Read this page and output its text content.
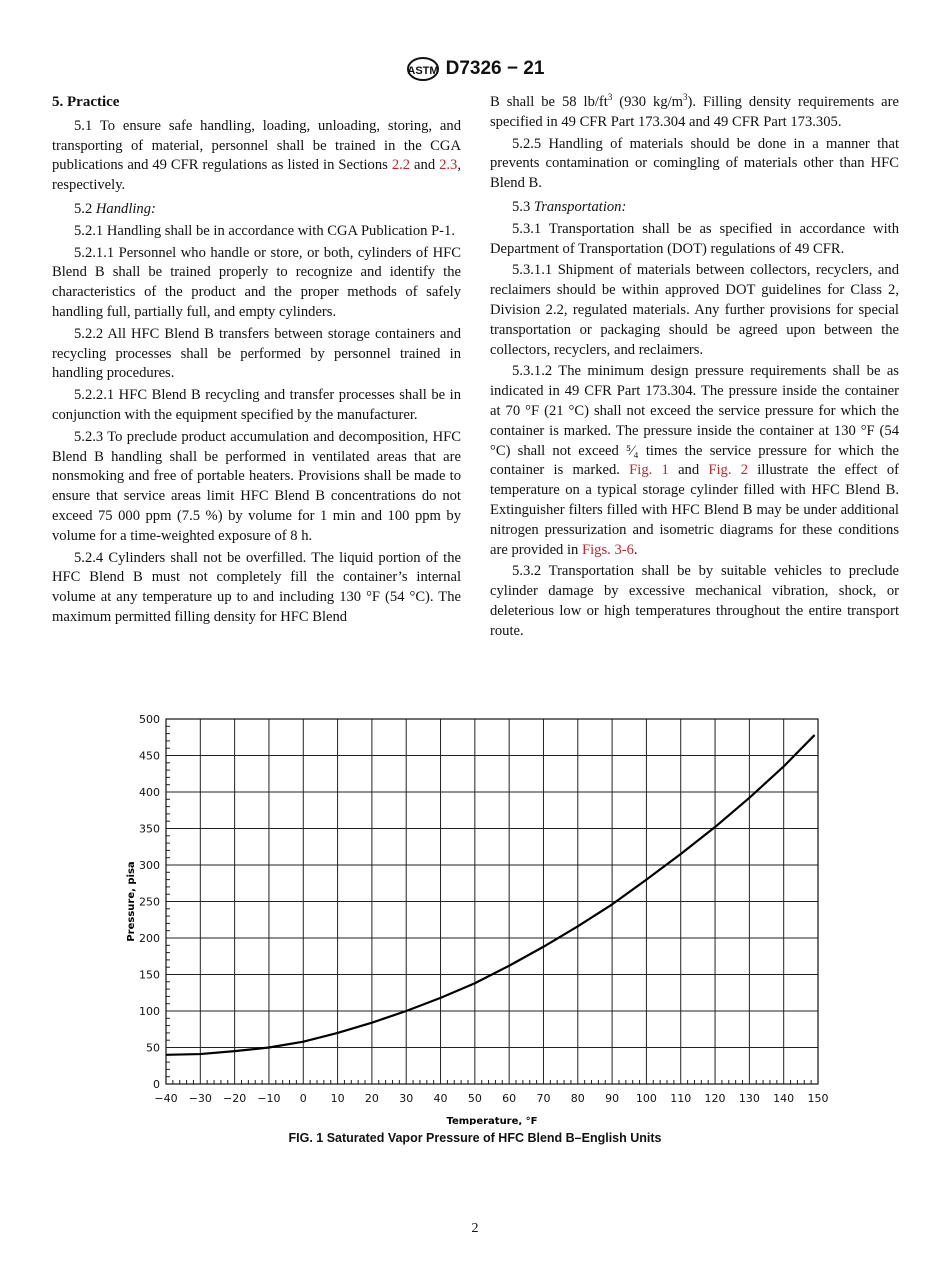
ASTM D7326 − 21

5. Practice

5.1 To ensure safe handling, loading, unloading, storing, and transporting of material, personnel shall be trained in the CGA publications and 49 CFR regulations as listed in Sections 2.2 and 2.3, respectively.

5.2 Handling:

5.2.1 Handling shall be in accordance with CGA Publication P-1.

5.2.1.1 Personnel who handle or store, or both, cylinders of HFC Blend B shall be trained properly to recognize and identify the characteristics of the product and the proper methods of safely handling full, partially full, and empty cylinders.

5.2.2 All HFC Blend B transfers between storage containers and recycling processes shall be performed by personnel trained in handling procedures.

5.2.2.1 HFC Blend B recycling and transfer processes shall be in conjunction with the equipment specified by the manufacturer.

5.2.3 To preclude product accumulation and decomposition, HFC Blend B handling shall be performed in ventilated areas that are nonsmoking and free of portable heaters. Provisions shall be made to ensure that service areas limit HFC Blend B concentrations do not exceed 75 000 ppm (7.5 %) by volume for 1 min and 100 ppm by volume for a time-weighted exposure of 8 h.

5.2.4 Cylinders shall not be overfilled. The liquid portion of the HFC Blend B must not completely fill the container’s internal volume at any temperature up to and including 130 °F (54 °C). The maximum permitted filling density for HFC Blend

B shall be 58 $lb/ft^3$ (930 $kg/m^3$). Filling density requirements are specified in 49 CFR Part 173.304 and 49 CFR Part 173.305.

5.2.5 Handling of materials should be done in a manner that prevents contamination or comingling of materials other than HFC Blend B.

5.3 Transportation:

5.3.1 Transportation shall be as specified in accordance with Department of Transportation (DOT) regulations of 49 CFR.

5.3.1.1 Shipment of materials between collectors, recyclers, and reclaimers should be within approved DOT guidelines for Class 2, Division 2.2, regulated materials. Any further provisions for special transportation or packaging should be agreed upon between the collectors, recyclers, and reclaimers.

5.3.1.2 The minimum design pressure requirements shall be as indicated in 49 CFR Part 173.304. The pressure inside the container at 70 °F (21 °C) shall not exceed the service pressure for which the container is marked. The pressure inside the container at 130 °F (54 °C) shall not exceed ⁵⁄₄ times the service pressure for which the container is marked. Fig. 1 and Fig. 2 illustrate the effect of temperature on a typical storage cylinder filled with HFC Blend B. Extinguisher filters filled with HFC Blend B may be under additional nitrogen pressurization and isometric diagrams for these conditions are provided in Figs. 3-6.

5.3.2 Transportation shall be by suitable vehicles to preclude cylinder damage by excessive mechanical vibration, shock, or deleterious low or high temperatures throughout the entire transport route.

−40 −30 −20 −10 0 10 20 30 40 50 60 70 80 90 100 110 120 130 140 150
0
50
100
150
200
250
300
350
400
450
500
Temperature, °F
Pressure, pisa
FIG. 1 Saturated Vapor Pressure of HFC Blend B–English Units
2
